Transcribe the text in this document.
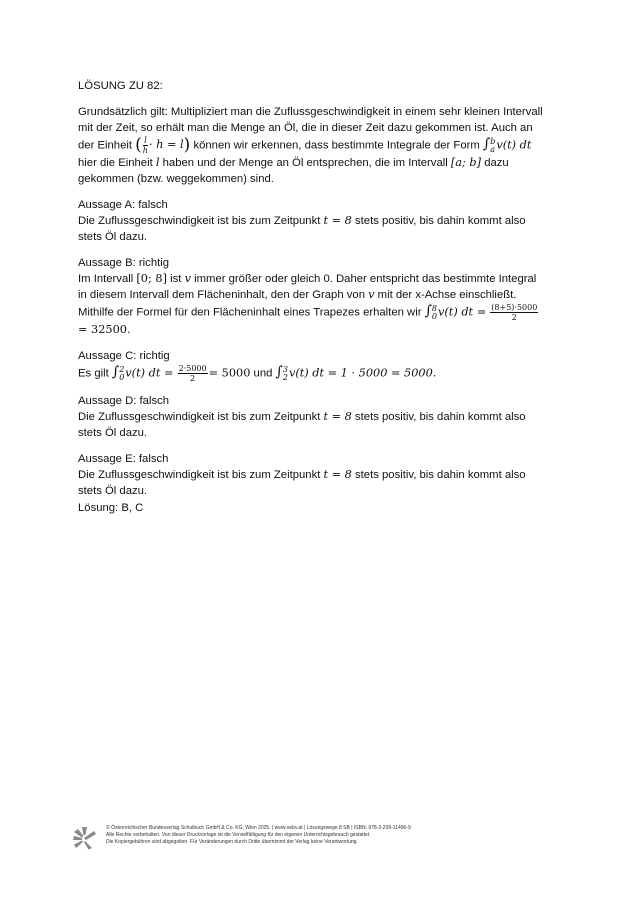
LÖSUNG ZU 82:
Grundsätzlich gilt: Multipliziert man die Zuflussgeschwindigkeit in einem sehr kleinen Intervall mit der Zeit, so erhält man die Menge an Öl, die in dieser Zeit dazu gekommen ist. Auch an der Einheit ( $\frac{l}{h} \cdot h = l$) können wir erkennen, dass bestimmte Integrale der Form ∫ b
a v(t) dt hier die Einheit l haben und der Menge an Öl entsprechen, die im Intervall [a; b] dazu gekommen (bzw. weggekommen) sind.
Aussage A: falsch
Die Zuflussgeschwindigkeit ist bis zum Zeitpunkt t = 8 stets positiv, bis dahin kommt also stets Öl dazu.
Aussage B: richtig
Im Intervall [0; 8] ist v immer größer oder gleich 0. Daher entspricht das bestimmte Integral in diesem Intervall dem Flächeninhalt, den der Graph von v mit der x-Achse einschließt. Mithilfe der Formel für den Flächeninhalt eines Trapezes erhalten wir ∫ 8
0 v(t) dt = $\frac{(8+5)\cdot 5000}{2}$
= 32500.
Aussage C: richtig
Es gilt ∫ 2
0 v(t) dt = $\frac{2\cdot 5000}{2} = 5000$ und ∫ 3
2 v(t) dt = 1 · 5000 = 5000.
Aussage D: falsch
Die Zuflussgeschwindigkeit ist bis zum Zeitpunkt t = 8 stets positiv, bis dahin kommt also stets Öl dazu.
Aussage E: falsch
Die Zuflussgeschwindigkeit ist bis zum Zeitpunkt t = 8 stets positiv, bis dahin kommt also stets Öl dazu.
Lösung: B, C
© Österreichischer Bundesverlag Schulbuch GmbH & Co. KG, Wien 2025. | www.oebv.at | Lösungswege 8 SB | ISBN: 978-3-209-11496-9
Alle Rechte vorbehalten. Von dieser Druckvorlage ist die Vervielfältigung für den eigenen Unterrichtsgebrauch gestattet.
Die Kopiergebühren sind abgegolten. Für Veränderungen durch Dritte übernimmt der Verlag keine Verantwortung.
